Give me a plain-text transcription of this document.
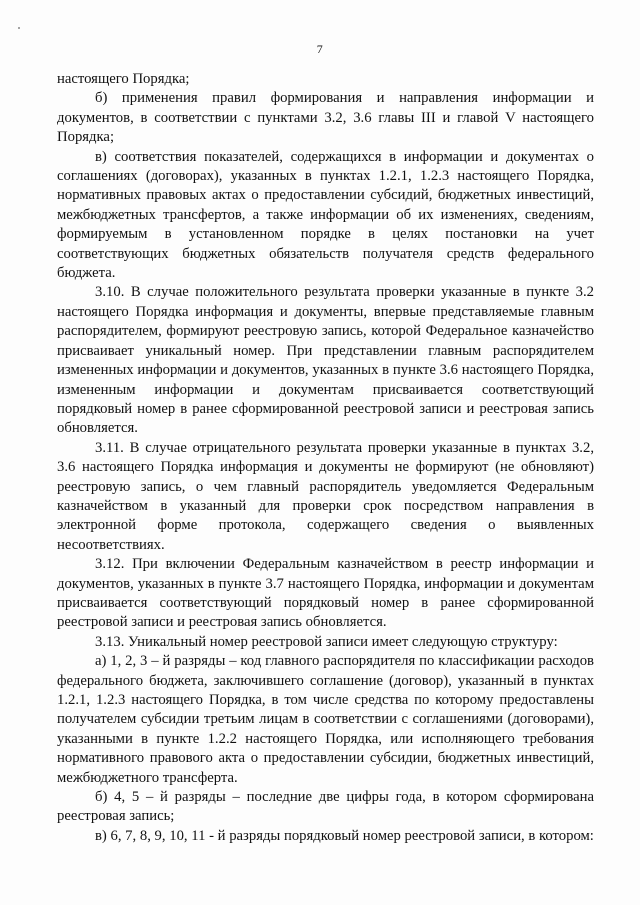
7

настоящего Порядка;

б) применения правил формирования и направления информации и документов, в соответствии с пунктами 3.2, 3.6 главы III и главой V настоящего Порядка;

в) соответствия показателей, содержащихся в информации и документах о соглашениях (договорах), указанных в пунктах 1.2.1, 1.2.3 настоящего Порядка, нормативных правовых актах о предоставлении субсидий, бюджетных инвестиций, межбюджетных трансфертов, а также информации об их изменениях, сведениям, формируемым в установленном порядке в целях постановки на учет соответствующих бюджетных обязательств получателя средств федерального бюджета.

3.10. В случае положительного результата проверки указанные в пункте 3.2 настоящего Порядка информация и документы, впервые представляемые главным распорядителем, формируют реестровую запись, которой Федеральное казначейство присваивает уникальный номер. При представлении главным распорядителем измененных информации и документов, указанных в пункте 3.6 настоящего Порядка, измененным информации и документам присваивается соответствующий порядковый номер в ранее сформированной реестровой записи и реестровая запись обновляется.

3.11. В случае отрицательного результата проверки указанные в пунктах 3.2, 3.6 настоящего Порядка информация и документы не формируют (не обновляют) реестровую запись, о чем главный распорядитель уведомляется Федеральным казначейством в указанный для проверки срок посредством направления в электронной форме протокола, содержащего сведения о выявленных несоответствиях.

3.12. При включении Федеральным казначейством в реестр информации и документов, указанных в пункте 3.7 настоящего Порядка, информации и документам присваивается соответствующий порядковый номер в ранее сформированной реестровой записи и реестровая запись обновляется.

3.13. Уникальный номер реестровой записи имеет следующую структуру:

а) 1, 2, 3 – й разряды – код главного распорядителя по классификации расходов федерального бюджета, заключившего соглашение (договор), указанный в пунктах 1.2.1, 1.2.3 настоящего Порядка, в том числе средства по которому предоставлены получателем субсидии третьим лицам в соответствии с соглашениями (договорами), указанными в пункте 1.2.2 настоящего Порядка, или исполняющего требования нормативного правового акта о предоставлении субсидии, бюджетных инвестиций, межбюджетного трансферта.

б) 4, 5 – й разряды – последние две цифры года, в котором сформирована реестровая запись;

в) 6, 7, 8, 9, 10, 11 - й разряды порядковый номер реестровой записи, в котором:
